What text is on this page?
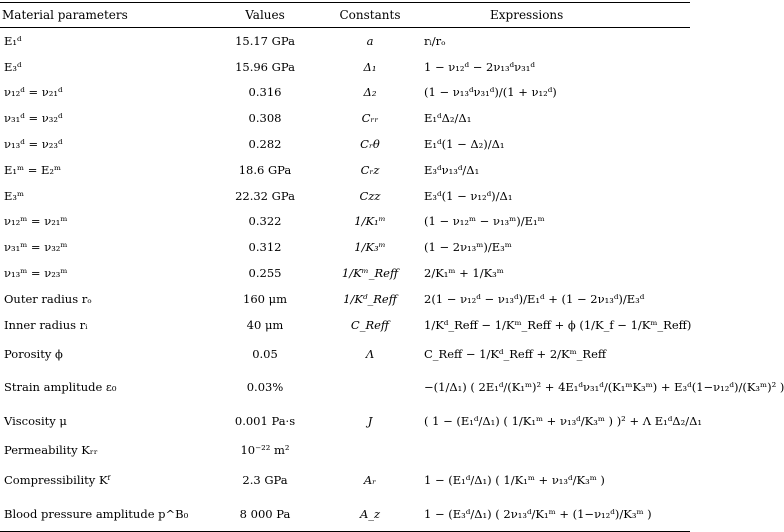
Material parameters	Values	Constants	Expressions
E₁ᵈ	15.17 GPa	a	rᵢ/rₒ
E₃ᵈ	15.96 GPa	Δ₁	1 − ν₁₂ᵈ − 2ν₁₃ᵈν₃₁ᵈ
ν₁₂ᵈ = ν₂₁ᵈ	0.316	Δ₂	(1 − ν₁₃ᵈν₃₁ᵈ)/(1 + ν₁₂ᵈ)
ν₃₁ᵈ = ν₃₂ᵈ	0.308	Cᵣᵣ	E₁ᵈΔ₂/Δ₁
ν₁₃ᵈ = ν₂₃ᵈ	0.282	Cᵣθ	E₁ᵈ(1 − Δ₂)/Δ₁
E₁ᵐ = E₂ᵐ	18.6 GPa	Cᵣz	E₃ᵈν₁₃ᵈ/Δ₁
E₃ᵐ	22.32 GPa	Czz	E₃ᵈ(1 − ν₁₂ᵈ)/Δ₁
ν₁₂ᵐ = ν₂₁ᵐ	0.322	1/K₁ᵐ	(1 − ν₁₂ᵐ − ν₁₃ᵐ)/E₁ᵐ
ν₃₁ᵐ = ν₃₂ᵐ	0.312	1/K₃ᵐ	(1 − 2ν₁₃ᵐ)/E₃ᵐ
ν₁₃ᵐ = ν₂₃ᵐ	0.255	1/Kᵐ_Reff	2/K₁ᵐ + 1/K₃ᵐ
Outer radius rₒ	160 μm	1/Kᵈ_Reff	2(1 − ν₁₂ᵈ − ν₁₃ᵈ)/E₁ᵈ + (1 − 2ν₁₃ᵈ)/E₃ᵈ
Inner radius rᵢ	40 μm	C_Reff	1/Kᵈ_Reff − 1/Kᵐ_Reff + ϕ (1/K_f − 1/Kᵐ_Reff)
Porosity ϕ	0.05	Λ	C_Reff − 1/Kᵈ_Reff + 2/Kᵐ_Reff
Strain amplitude ε₀	0.03%		−(1/Δ₁) ( 2E₁ᵈ/(K₁ᵐ)² + 4E₁ᵈν₃₁ᵈ/(K₁ᵐK₃ᵐ) + E₃ᵈ(1−ν₁₂ᵈ)/(K₃ᵐ)² )
Viscosity μ	0.001 Pa·s	J	( 1 − (E₁ᵈ/Δ₁) ( 1/K₁ᵐ + ν₁₃ᵈ/K₃ᵐ ) )² + Λ E₁ᵈΔ₂/Δ₁
Permeability Kᵣᵣ	10⁻²² m²		
Compressibility Kᶠ	2.3 GPa	Aᵣ	1 − (E₁ᵈ/Δ₁) ( 1/K₁ᵐ + ν₁₃ᵈ/K₃ᵐ )
Blood pressure amplitude p^B₀	8 000 Pa	A_z	1 − (E₃ᵈ/Δ₁) ( 2ν₁₃ᵈ/K₁ᵐ + (1−ν₁₂ᵈ)/K₃ᵐ )
